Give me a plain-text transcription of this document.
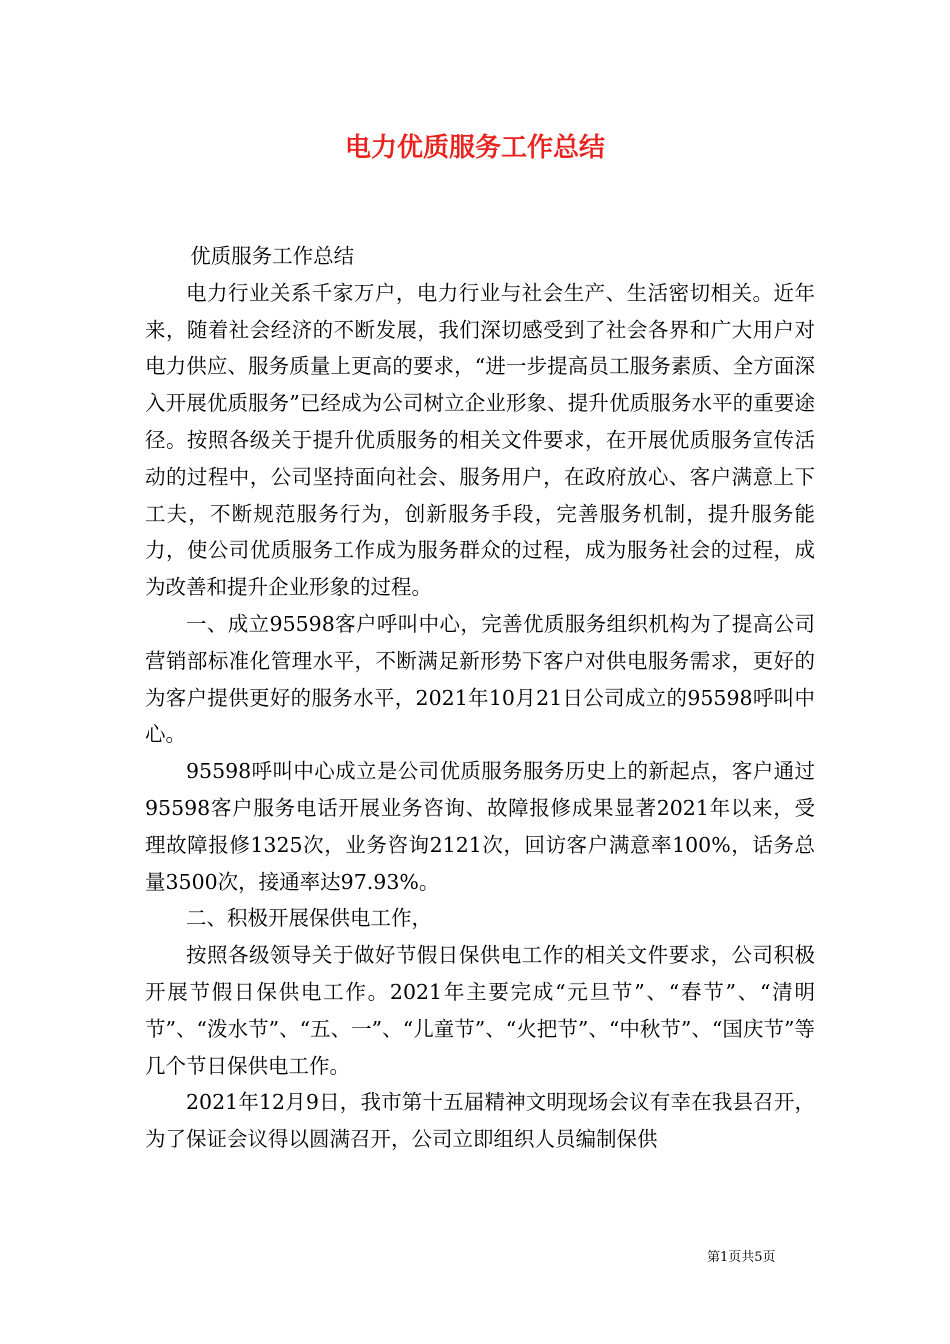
电力优质服务工作总结

优质服务工作总结

电力行业关系千家万户，电力行业与社会生产、生活密切相关。近年来，随着社会经济的不断发展，我们深切感受到了社会各界和广大用户对电力供应、服务质量上更高的要求，“进一步提高员工服务素质、全方面深入开展优质服务”已经成为公司树立企业形象、提升优质服务水平的重要途径。按照各级关于提升优质服务的相关文件要求，在开展优质服务宣传活动的过程中，公司坚持面向社会、服务用户，在政府放心、客户满意上下工夫，不断规范服务行为，创新服务手段，完善服务机制，提升服务能力，使公司优质服务工作成为服务群众的过程，成为服务社会的过程，成为改善和提升企业形象的过程。

一、成立95598客户呼叫中心，完善优质服务组织机构为了提高公司营销部标准化管理水平，不断满足新形势下客户对供电服务需求，更好的为客户提供更好的服务水平，2021年10月21日公司成立的95598呼叫中心。

95598呼叫中心成立是公司优质服务服务历史上的新起点，客户通过95598客户服务电话开展业务咨询、故障报修成果显著2021年以来，受理故障报修1325次，业务咨询2121次，回访客户满意率100%，话务总量3500次，接通率达97.93%。

二、积极开展保供电工作，

按照各级领导关于做好节假日保供电工作的相关文件要求，公司积极开展节假日保供电工作。2021年主要完成“元旦节”、“春节”、“清明节”、“泼水节”、“五、一”、“儿童节”、“火把节”、“中秋节”、“国庆节”等几个节日保供电工作。

2021年12月9日，我市第十五届精神文明现场会议有幸在我县召开，为了保证会议得以圆满召开，公司立即组织人员编制保供

第1页共5页
